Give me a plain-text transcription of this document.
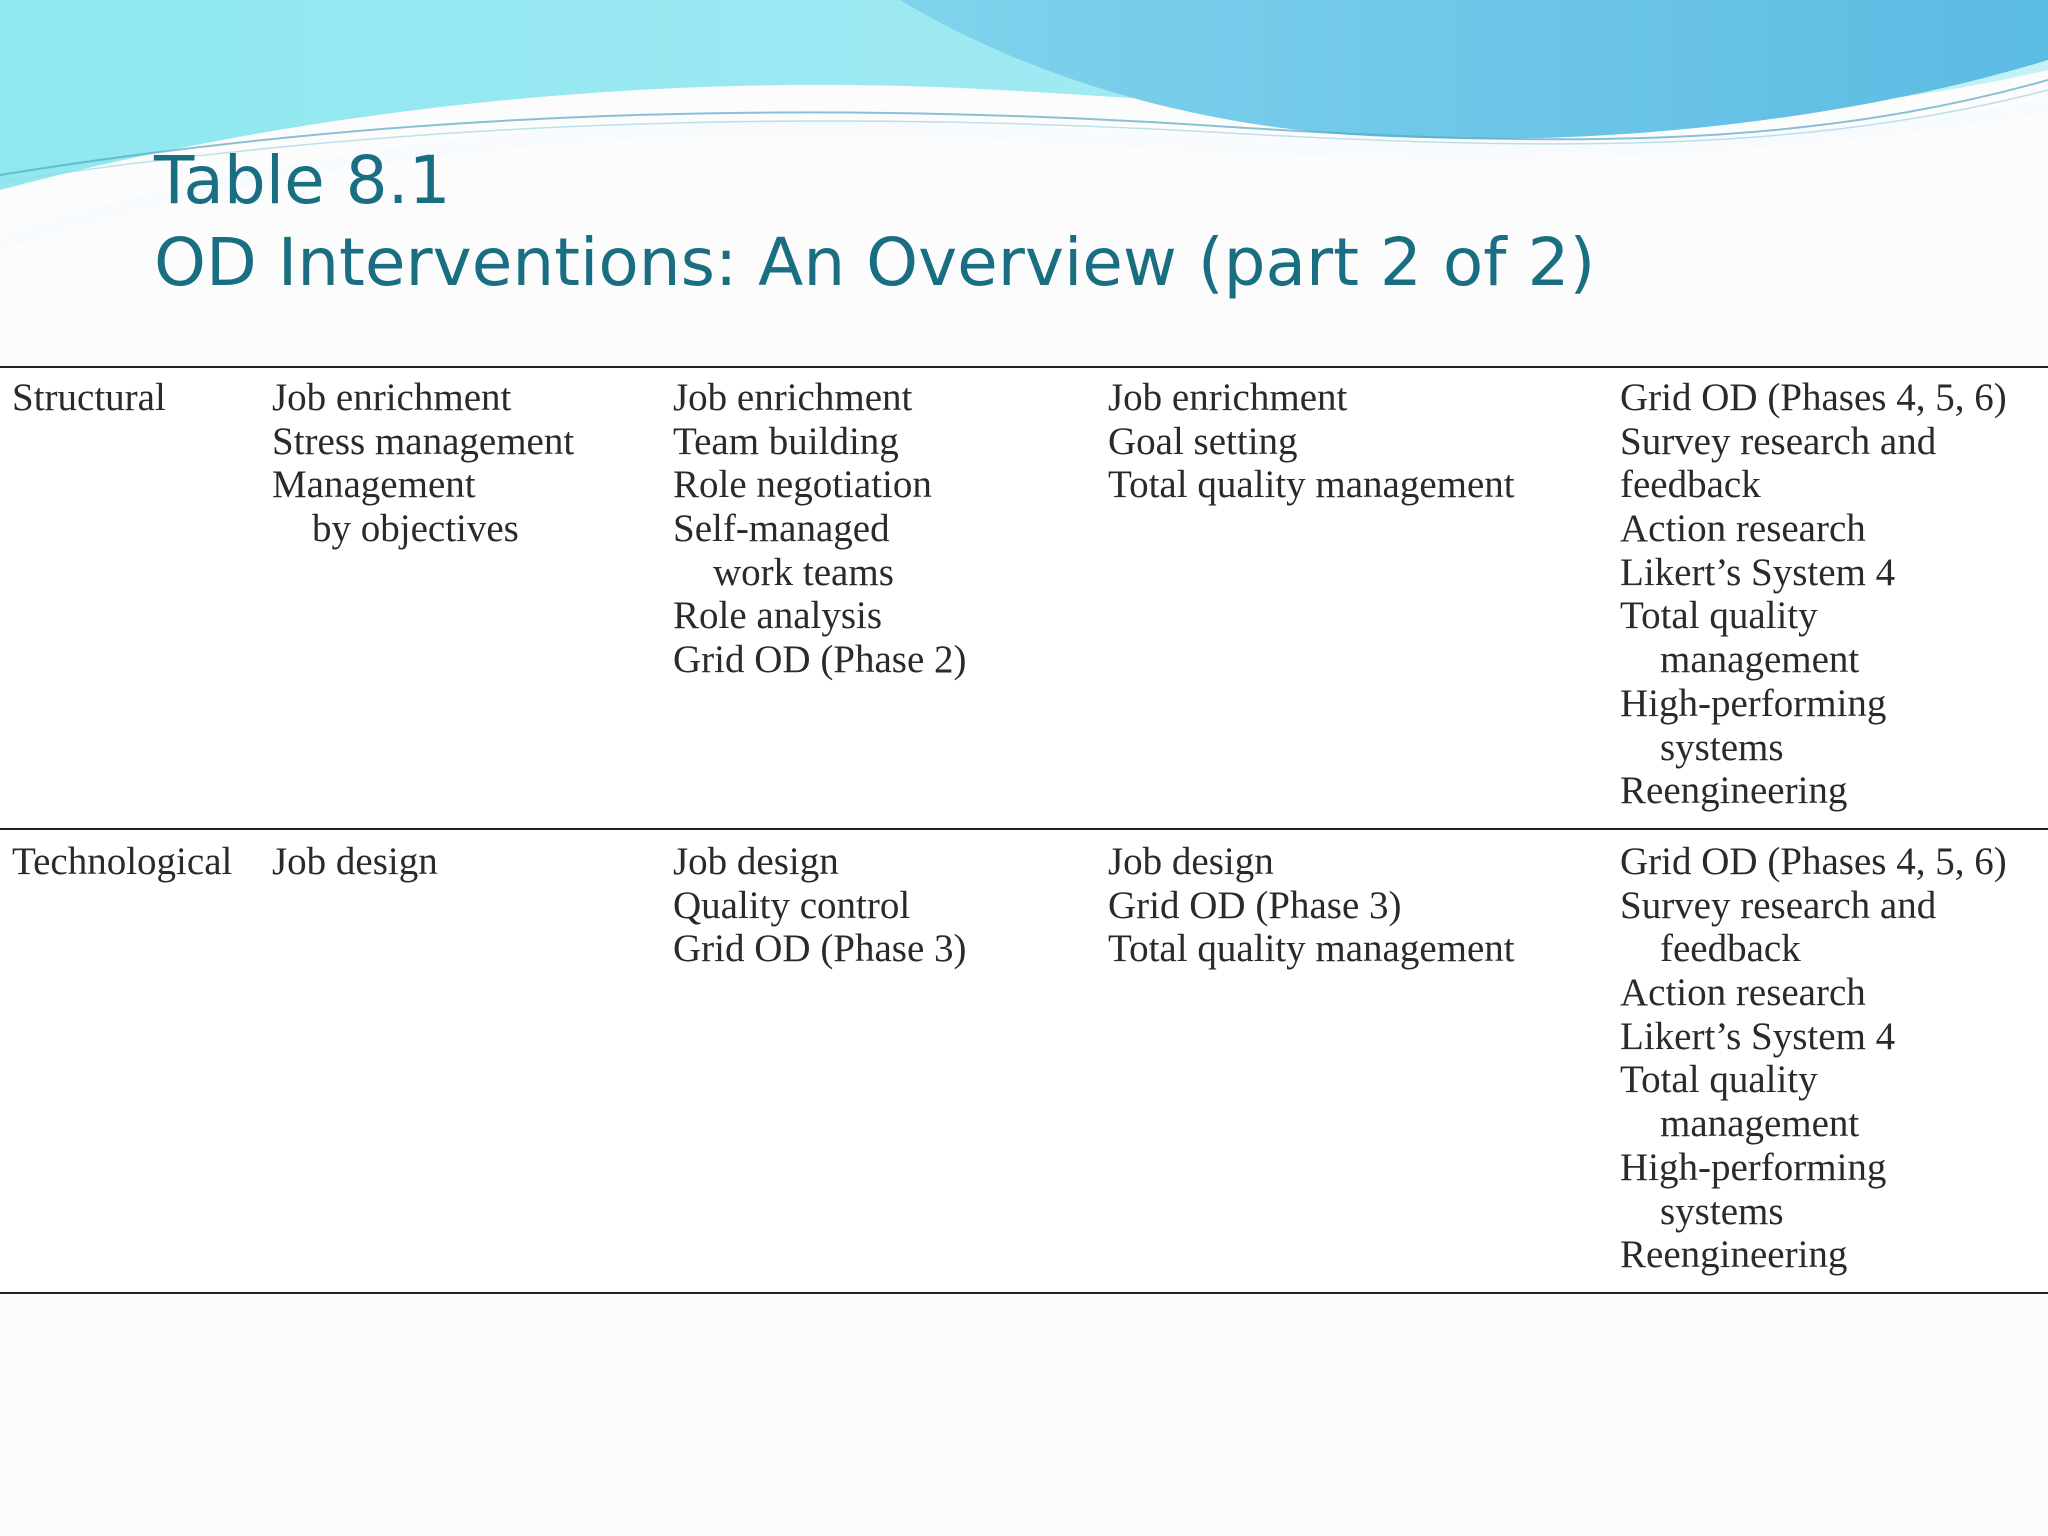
Table 8.1
OD Interventions: An Overview (part 2 of 2)
Structural	Job enrichment
Stress management
Management
by objectives
Job enrichment
Team building
Role negotiation
Self-managed
work teams
Role analysis
Grid OD (Phase 2)
Job enrichment
Goal setting
Total quality management
Grid OD (Phases 4, 5, 6)
Survey research and
feedback
Action research
Likert’s System 4
Total quality
management
High-performing
systems
Reengineering
Technological Job design	Job design
Quality control
Grid OD (Phase 3)
Job design
Grid OD (Phase 3)
Total quality management
Grid OD (Phases 4, 5, 6)
Survey research and
feedback
Action research
Likert’s System 4
Total quality
management
High-performing
systems
Reengineering
